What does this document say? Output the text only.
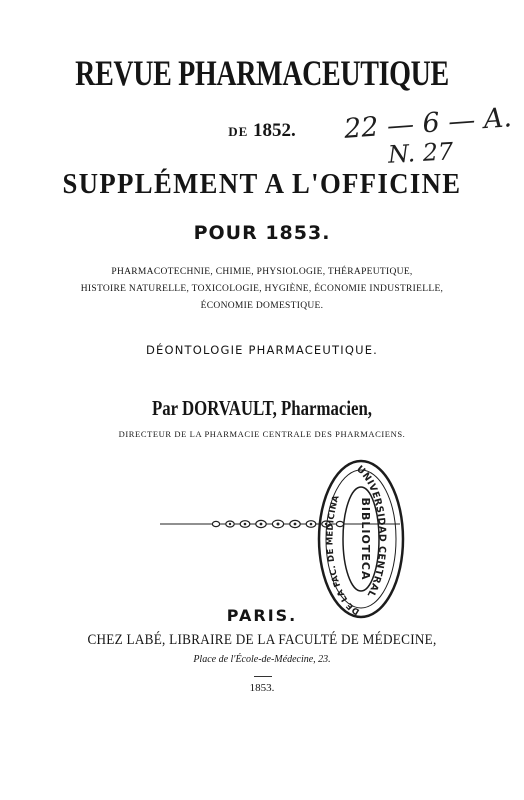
REVUE PHARMACEUTIQUE
DE 1852.	22 — 6 — A.
N. 27
SUPPLÉMENT A L'OFFICINE
POUR 1853.
PHARMACOTECHNIE, CHIMIE, PHYSIOLOGIE, THÉRAPEUTIQUE,
HISTOIRE NATURELLE, TOXICOLOGIE, HYGIÈNE, ÉCONOMIE INDUSTRIELLE,
ÉCONOMIE DOMESTIQUE.
DÉONTOLOGIE PHARMACEUTIQUE.
Par DORVAULT, Pharmacien,
DIRECTEUR DE LA PHARMACIE CENTRALE DES PHARMACIENS.
UNIVERSIDAD CENTRAL
DE LA FAC. DE MEDICINA	BIBLIOTECA
PARIS.
CHEZ LABÉ, LIBRAIRE DE LA FACULTÉ DE MÉDECINE,
Place de l'École-de-Médecine, 23.
1853.
